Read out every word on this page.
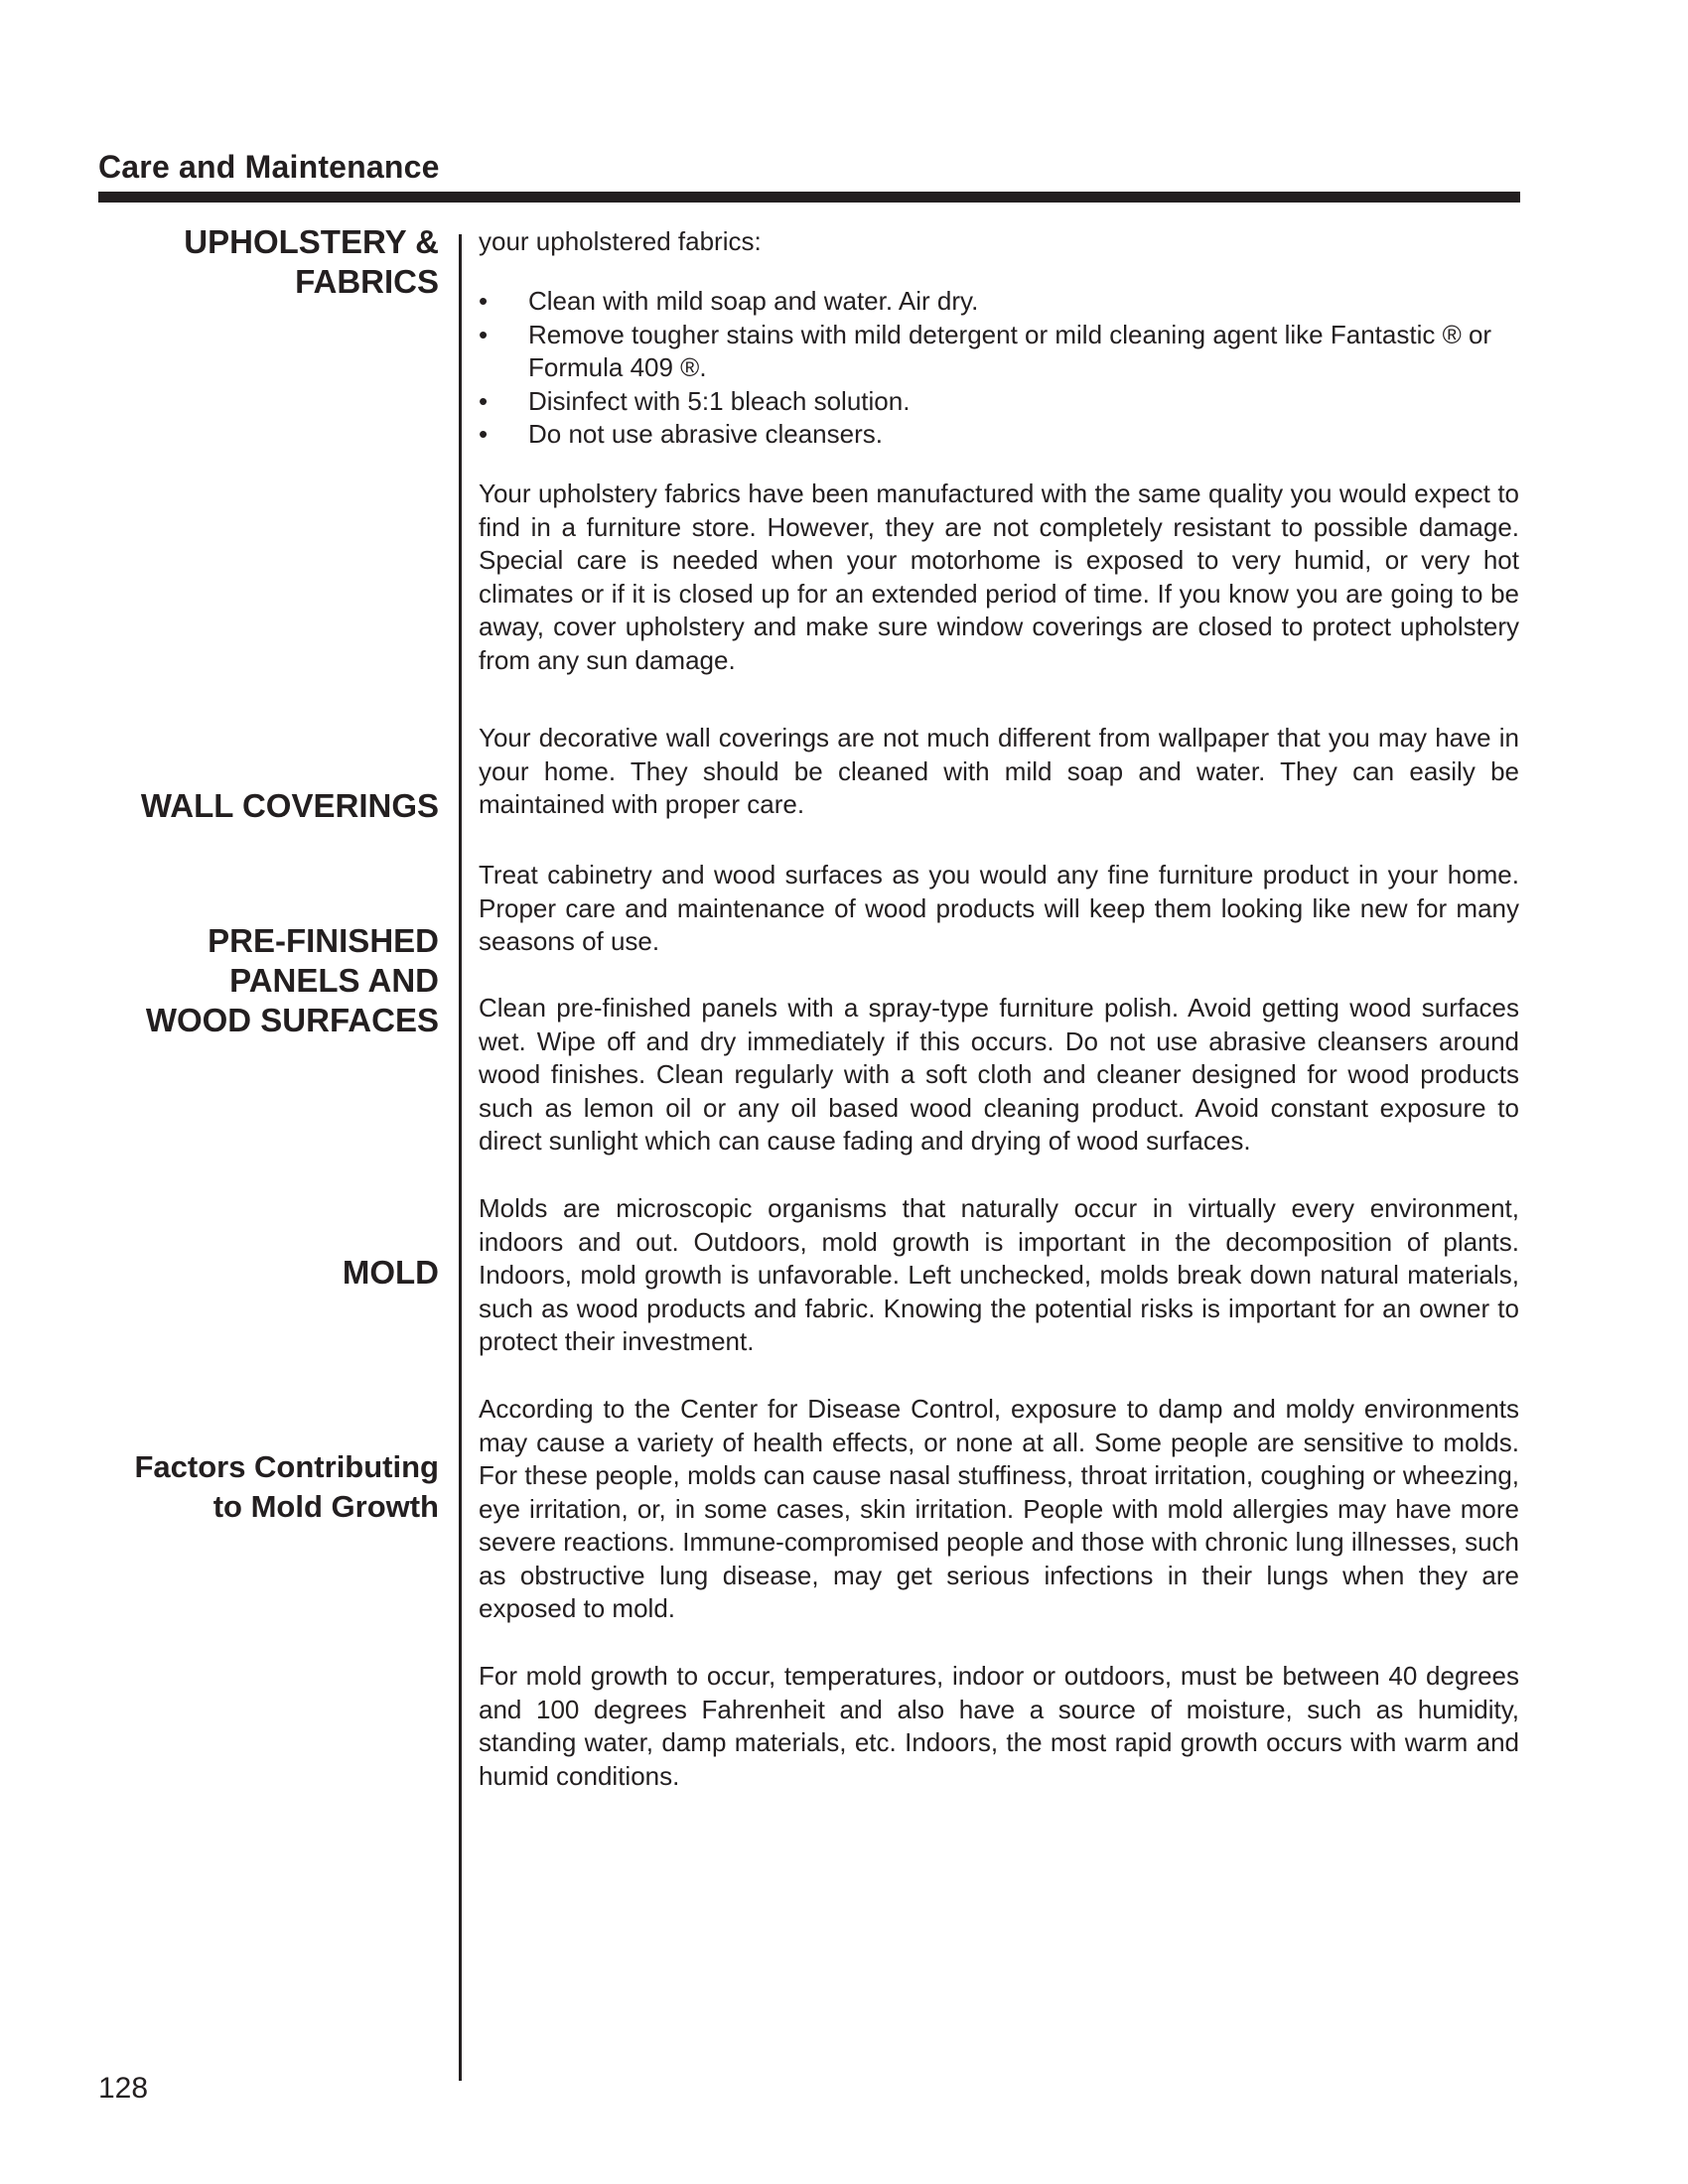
Care and Maintenance
UPHOLSTERY &
FABRICS
WALL COVERINGS
PRE-FINISHED
PANELS AND
WOOD SURFACES
MOLD
Factors Contributing
to Mold Growth

your upholstered fabrics:

• Clean with mild soap and water. Air dry.
• Remove tougher stains with mild detergent or mild cleaning agent like Fantastic ® or Formula 409 ®.
• Disinfect with 5:1 bleach solution.
• Do not use abrasive cleansers.

Your upholstery fabrics have been manufactured with the same quality you would expect to find in a furniture store. However, they are not completely resistant to possible damage. Special care is needed when your motorhome is exposed to very humid, or very hot climates or if it is closed up for an extended period of time. If you know you are going to be away, cover upholstery and make sure window coverings are closed to protect upholstery from any sun damage.

Your decorative wall coverings are not much different from wallpaper that you may have in your home. They should be cleaned with mild soap and water. They can easily be maintained with proper care.

Treat cabinetry and wood surfaces as you would any fine furniture product in your home. Proper care and maintenance of wood products will keep them looking like new for many seasons of use.

Clean pre-finished panels with a spray-type furniture polish. Avoid getting wood surfaces wet. Wipe off and dry immediately if this occurs. Do not use abrasive cleansers around wood finishes. Clean regularly with a soft cloth and cleaner designed for wood products such as lemon oil or any oil based wood cleaning product. Avoid constant exposure to direct sunlight which can cause fading and drying of wood surfaces.

Molds are microscopic organisms that naturally occur in virtually every environment, indoors and out. Outdoors, mold growth is important in the decomposition of plants. Indoors, mold growth is unfavorable. Left unchecked, molds break down natural materials, such as wood products and fabric. Knowing the potential risks is important for an owner to protect their investment.

According to the Center for Disease Control, exposure to damp and moldy environments may cause a variety of health effects, or none at all. Some people are sensitive to molds. For these people, molds can cause nasal stuffiness, throat irritation, coughing or wheezing, eye irritation, or, in some cases, skin irritation. People with mold allergies may have more severe reactions. Immune-compromised people and those with chronic lung illnesses, such as obstructive lung disease, may get serious infections in their lungs when they are exposed to mold.

For mold growth to occur, temperatures, indoor or outdoors, must be between 40 degrees and 100 degrees Fahrenheit and also have a source of moisture, such as humidity, standing water, damp materials, etc. Indoors, the most rapid growth occurs with warm and humid conditions.

128
